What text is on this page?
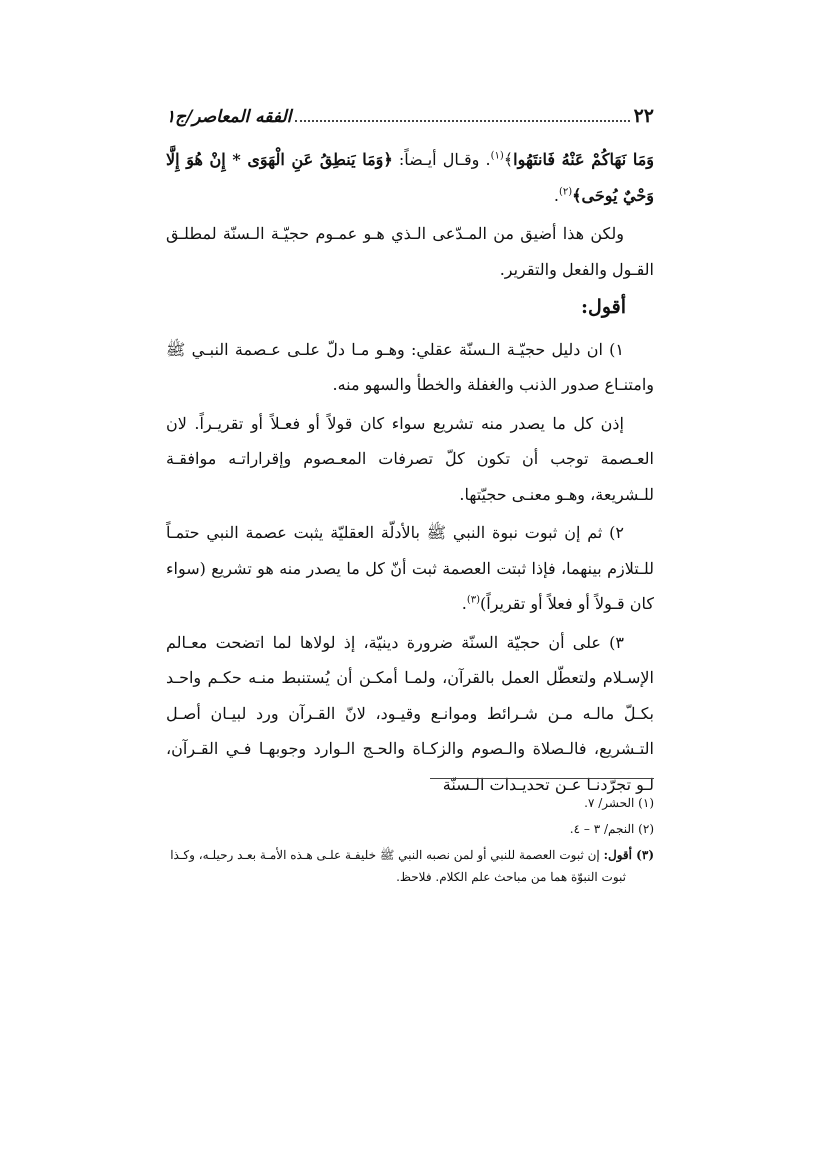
٢٢
الفقه المعاصر/ج١

وَمَا نَهَاكُمْ عَنْهُ فَانتَهُوا﴾$^{(١)}$. وقـال أيـضاً: ﴿وَمَا يَنطِقُ عَنِ الْهَوَى * إِنْ هُوَ إِلَّا وَحْيٌ يُوحَى﴾$^{(٢)}$.

ولكن هذا أضيق من المـدّعى الـذي هـو عمـوم حجيّـة الـسنّة لمطلـق القـول والفعل والتقرير.

أقول:

١) ان دليل حجيّـة الـسنّة عقلي: وهـو مـا دلّ علـى عـصمة النبـي ﷺ وامتنـاع صدور الذنب والغفلة والخطأ والسهو منه.

إذن كل ما يصدر منه تشريع سواء كان قولاً أو فعـلاً أو تقريـراً. لان العـصمة توجب أن تكون كلّ تصرفات المعـصوم وإقراراتـه موافقـة للـشريعة، وهـو معنـى حجيّتها.

٢) ثم إن ثبوت نبوة النبي ﷺ بالأدلّة العقليّة يثبت عصمة النبي حتمـاً للـتلازم بينهما، فإذا ثبتت العصمة ثبت أنّ كل ما يصدر منه هو تشريع (سواء كان قـولاً أو فعلاً أو تقريراً)$^{(٣)}$.

٣) على أن حجيّة السنّة ضرورة دينيّة، إذ لولاها لما اتضحت معـالم الإسـلام ولتعطّل العمل بالقرآن، ولمـا أمكـن أن يُستنبط منـه حكـم واحـد بكـلّ مالـه مـن شـرائط وموانـع وقيـود، لانّ القـرآن ورد لبيـان أصـل التـشريع، فالـصلاة والـصوم والزكـاة والحـج الـوارد وجوبهـا فـي القـرآن، لـو تجرّدنـا عـن تحديـدات الـسنّة

(١) الحشر/ ٧.
(٢) النجم/ ٣ – ٤.
(٣) أقول: إن ثبوت العصمة للنبي أو لمن نصبه النبي ﷺ خليفـة علـى هـذه الأمـة بعـد رحيلـه، وكـذا
ثبوت النبوّة هما من مباحث علم الكلام. فلاحظ.
